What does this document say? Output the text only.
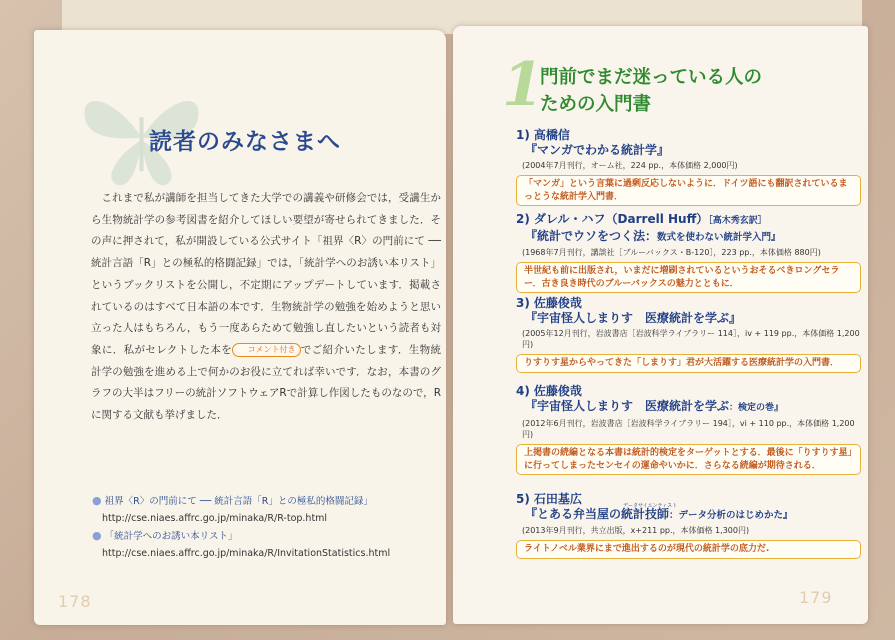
読者のみなさまへ

これまで私が講師を担当してきた大学での講義や研修会では，受講生から生物統計学の参考図書を紹介してほしい要望が寄せられてきました．その声に押されて，私が開設している公式サイト「祖界〈R〉の門前にて ── 統計言語「R」との極私的格闘記録」では，「統計学へのお誘い本リスト」というブックリストを公開し，不定期にアップデートしています．掲載されているのはすべて日本語の本です．生物統計学の勉強を始めようと思い立った人はもちろん，もう一度あらためて勉強し直したいという読者も対象に．私がセレクトした本を コメント付き でご紹介いたします．生物統計学の勉強を進める上で何かのお役に立てれば幸いです．なお，本書のグラフの大半はフリーの統計ソフトウェアRで計算し作図したものなので，Rに関する文献も挙げました．

● 祖界〈R〉の門前にて ── 統計言語「R」との極私的格闘記録」
http://cse.niaes.affrc.go.jp/minaka/R/R-top.html
● 「統計学へのお誘い本リスト」
http://cse.niaes.affrc.go.jp/minaka/R/InvitationStatistics.html
178
1
門前でまだ迷っている人の
ための入門書
1) 高橋信
『マンガでわかる統計学』
(2004年7月刊行，オーム社，224 pp.，本体価格 2,000円)
「マンガ」という言葉に過剰反応しないように．ドイツ語にも翻訳されているまっとうな統計学入門書．
2) ダレル・ハフ（Darrell Huff）［高木秀玄訳］
『統計でウソをつく法：数式を使わない統計学入門』
(1968年7月刊行，講談社［ブルーバックス・B-120］，223 pp.，本体価格 880円)
半世紀も前に出版され，いまだに増刷されているというおそるべきロングセラー．古き良き時代のブルーバックスの魅力とともに．
3) 佐藤俊哉
『宇宙怪人しまりす　医療統計を学ぶ』
(2005年12月刊行，岩波書店［岩波科学ライブラリー 114］，iv + 119 pp.，本体価格 1,200円)
りすりす星からやってきた「しまりす」君が大活躍する医療統計学の入門書．
4) 佐藤俊哉
『宇宙怪人しまりす　医療統計を学ぶ：検定の巻』
(2012年6月刊行，岩波書店［岩波科学ライブラリー 194］，vi + 110 pp.，本体価格 1,200円)
上掲書の続編となる本書は統計的検定をターゲットとする．最後に「りすりす星」に行ってしまったセンセイの運命やいかに．さらなる続編が期待される．
5) 石田基広
『とある弁当屋の
データサイエンティスト
統計技師：データ分析のはじめかた』
(2013年9月刊行，共立出版，x+211 pp.，本体価格 1,300円)
ライトノベル業界にまで進出するのが現代の統計学の底力だ.
179
